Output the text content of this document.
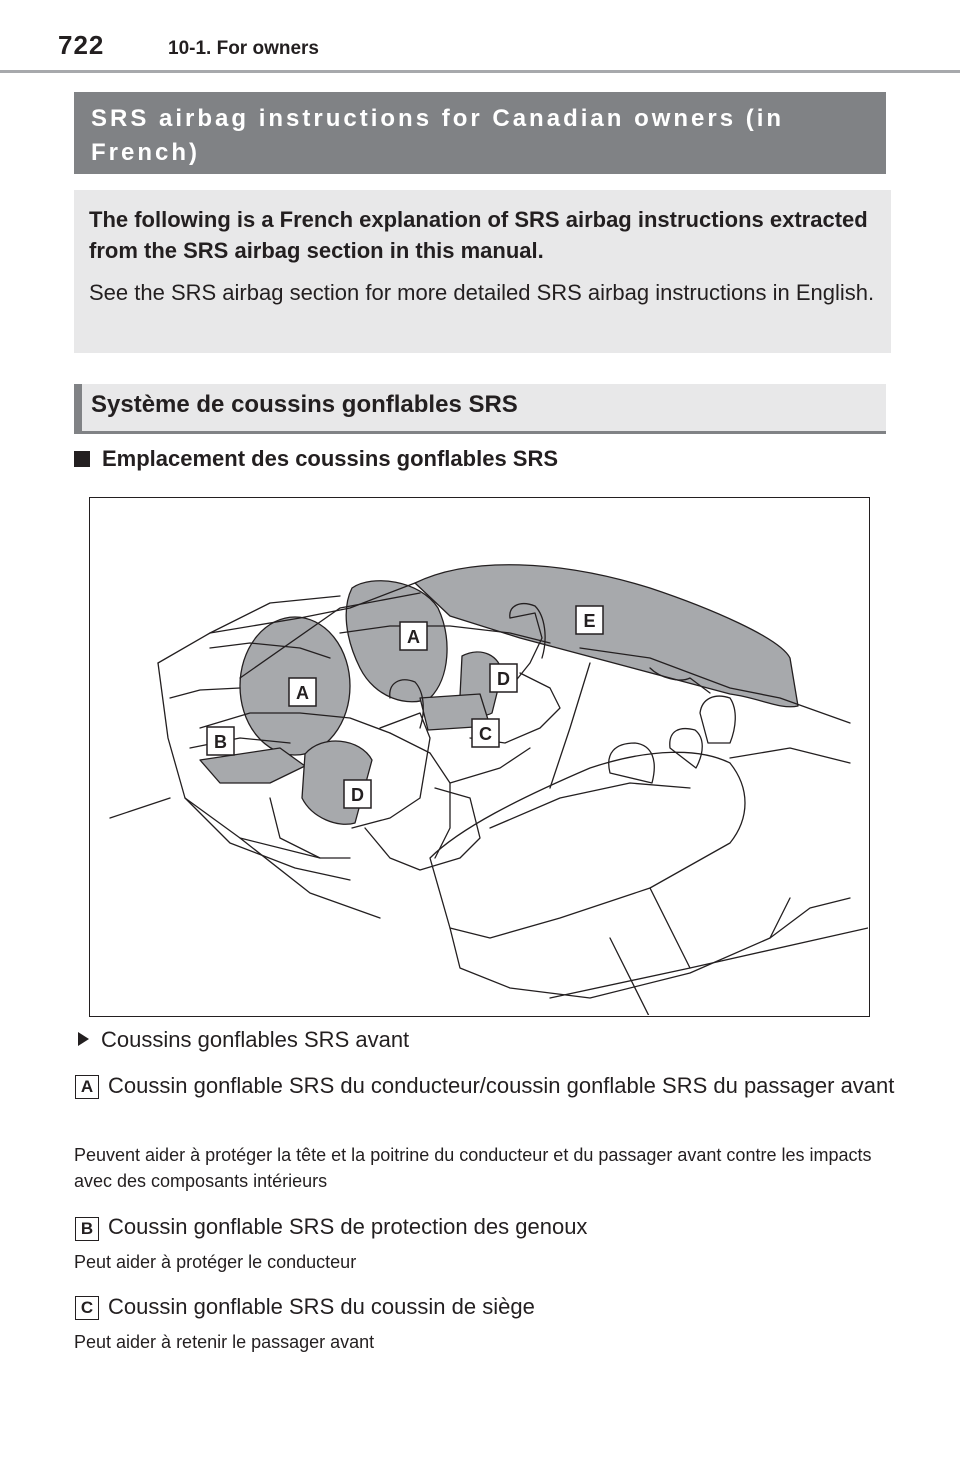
722	10-1. For owners
SRS airbag instructions for Canadian owners (in French)

The following is a French explanation of SRS airbag instructions extracted from the SRS airbag section in this manual.

See the SRS airbag section for more detailed SRS airbag instructions in English.

Système de coussins gonflables SRS
Emplacement des coussins gonflables SRS
A
A
B	C
D
D
E
Coussins gonflables SRS avant
A Coussin gonflable SRS du conducteur/coussin gonflable SRS du passager avant
Peuvent aider à protéger la tête et la poitrine du conducteur et du passager avant contre les impacts avec des composants intérieurs
B Coussin gonflable SRS de protection des genoux
Peut aider à protéger le conducteur
C Coussin gonflable SRS du coussin de siège
Peut aider à retenir le passager avant
